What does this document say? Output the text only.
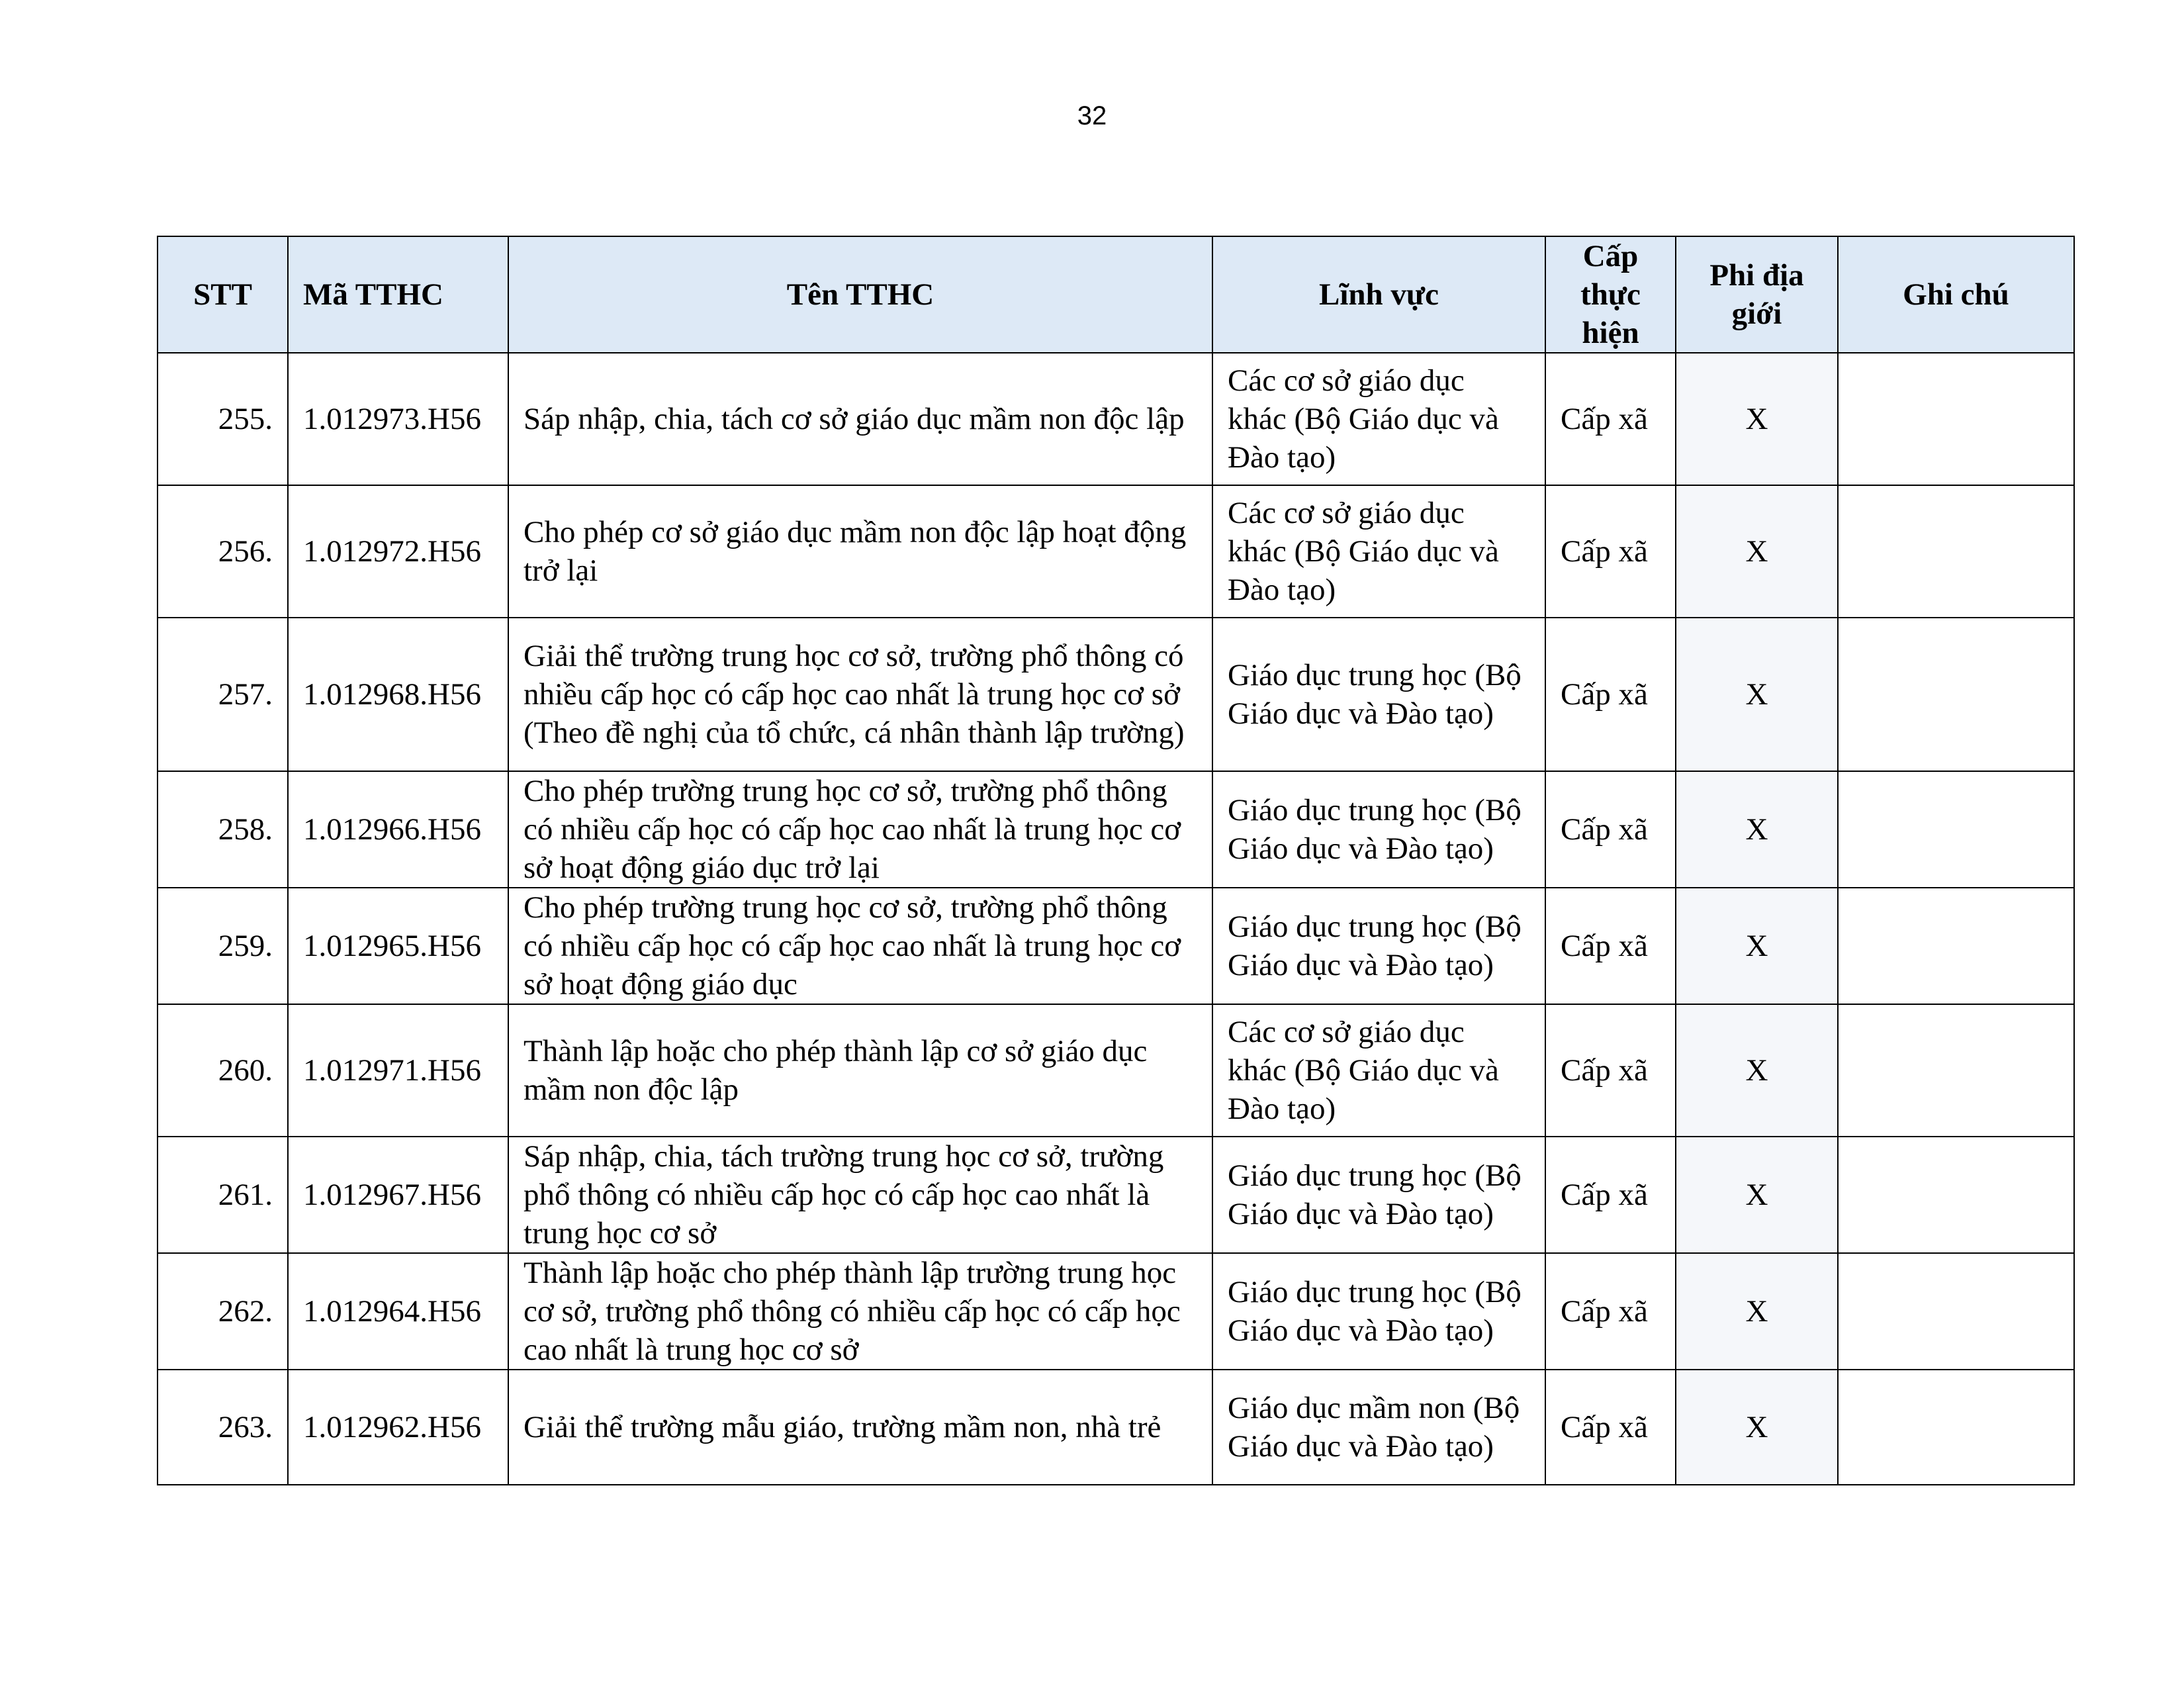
32
STT	Mã TTHC	Tên TTHC	Lĩnh vực	Cấp thực hiện	Phi địa giới	Ghi chú
255.	1.012973.H56	Sáp nhập, chia, tách cơ sở giáo dục mầm non độc lập	Các cơ sở giáo dục khác (Bộ Giáo dục và Đào tạo)	Cấp xã	X	
256.	1.012972.H56	Cho phép cơ sở giáo dục mầm non độc lập hoạt động trở lại	Các cơ sở giáo dục khác (Bộ Giáo dục và Đào tạo)	Cấp xã	X	
257.	1.012968.H56	Giải thể trường trung học cơ sở, trường phổ thông có nhiều cấp học có cấp học cao nhất là trung học cơ sở (Theo đề nghị của tổ chức, cá nhân thành lập trường)	Giáo dục trung học (Bộ Giáo dục và Đào tạo)	Cấp xã	X	
258.	1.012966.H56	Cho phép trường trung học cơ sở, trường phổ thông có nhiều cấp học có cấp học cao nhất là trung học cơ sở hoạt động giáo dục trở lại	Giáo dục trung học (Bộ Giáo dục và Đào tạo)	Cấp xã	X	
259.	1.012965.H56	Cho phép trường trung học cơ sở, trường phổ thông có nhiều cấp học có cấp học cao nhất là trung học cơ sở hoạt động giáo dục	Giáo dục trung học (Bộ Giáo dục và Đào tạo)	Cấp xã	X	
260.	1.012971.H56	Thành lập hoặc cho phép thành lập cơ sở giáo dục mầm non độc lập	Các cơ sở giáo dục khác (Bộ Giáo dục và Đào tạo)	Cấp xã	X	
261.	1.012967.H56	Sáp nhập, chia, tách trường trung học cơ sở, trường phổ thông có nhiều cấp học có cấp học cao nhất là trung học cơ sở	Giáo dục trung học (Bộ Giáo dục và Đào tạo)	Cấp xã	X	
262.	1.012964.H56	Thành lập hoặc cho phép thành lập trường trung học cơ sở, trường phổ thông có nhiều cấp học có cấp học cao nhất là trung học cơ sở	Giáo dục trung học (Bộ Giáo dục và Đào tạo)	Cấp xã	X	
263.	1.012962.H56	Giải thể trường mẫu giáo, trường mầm non, nhà trẻ	Giáo dục mầm non (Bộ Giáo dục và Đào tạo)	Cấp xã	X	
